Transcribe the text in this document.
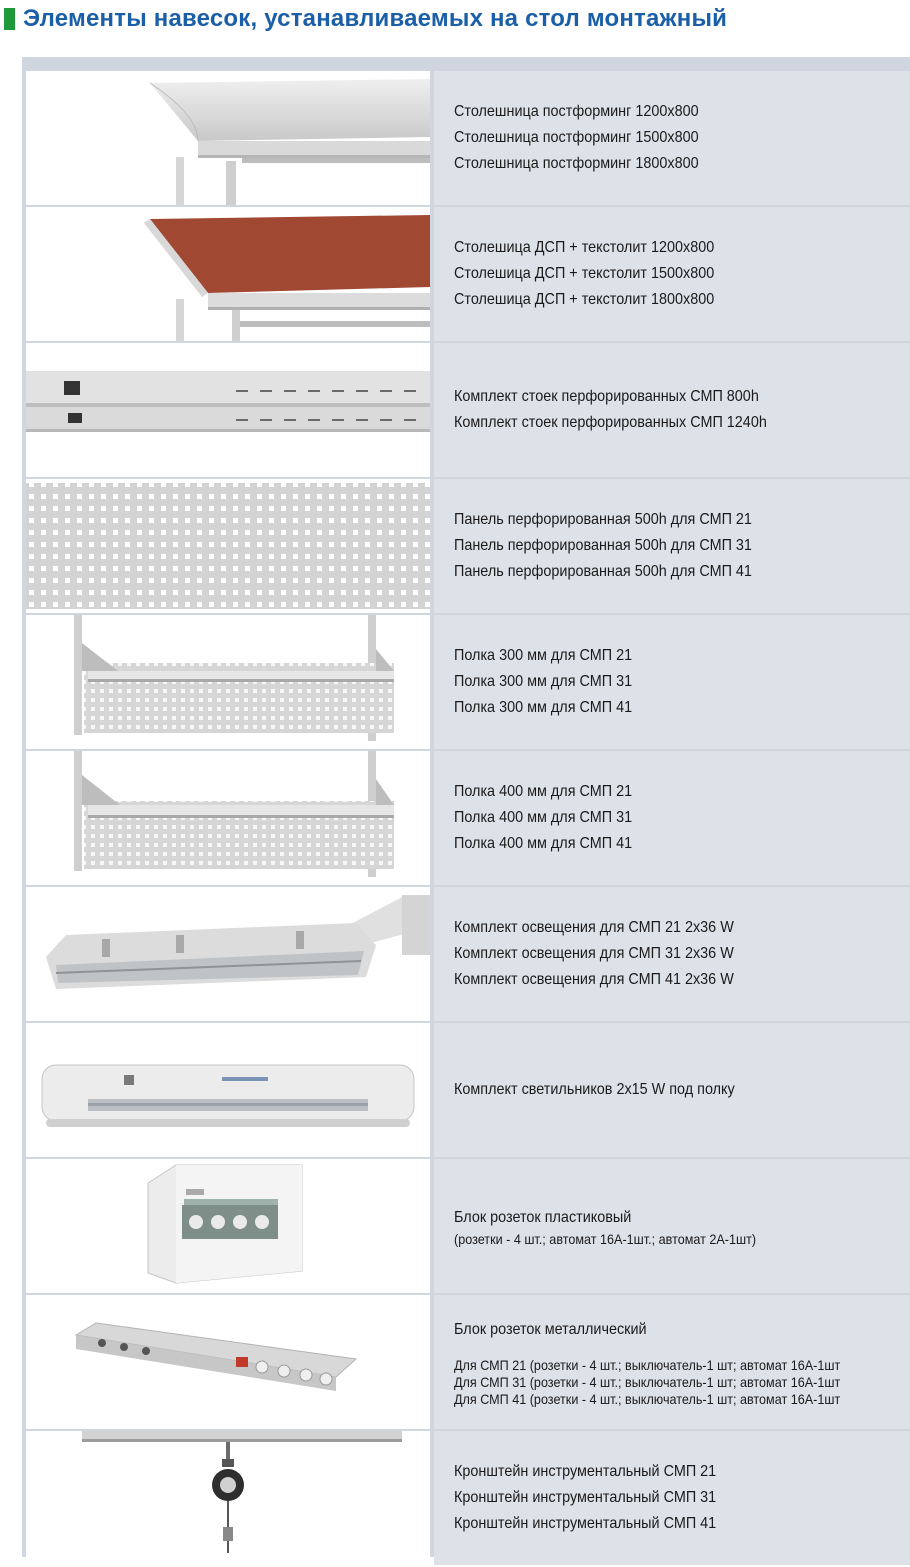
Элементы навесок, устанавливаемых на стол монтажный
Столешница постформинг 1200х800
Столешница постформинг 1500х800
Столешница постформинг 1800х800
Столешица ДСП + текстолит 1200х800
Столешица ДСП + текстолит 1500х800
Столешица ДСП + текстолит 1800х800
Комплект стоек перфорированных СМП 800h
Комплект стоек перфорированных СМП 1240h
Панель перфорированная 500h для СМП 21
Панель перфорированная 500h для СМП 31
Панель перфорированная 500h для СМП 41
Полка 300 мм для СМП 21
Полка 300 мм для СМП 31
Полка 300 мм для СМП 41
Полка 400 мм для СМП 21
Полка 400 мм для СМП 31
Полка 400 мм для СМП 41
Комплект освещения для СМП 21 2х36 W
Комплект освещения для СМП 31 2х36 W
Комплект освещения для СМП 41 2х36 W
Комплект светильников 2х15 W под полку
Блок розеток пластиковый
(розетки - 4 шт.; автомат 16А-1шт.; автомат 2А-1шт)
Блок розеток металлический
Для СМП 21 (розетки - 4 шт.; выключатель-1 шт; автомат 16А-1шт
Для СМП 31 (розетки - 4 шт.; выключатель-1 шт; автомат 16А-1шт
Для СМП 41 (розетки - 4 шт.; выключатель-1 шт; автомат 16А-1шт
Кронштейн инструментальный СМП 21
Кронштейн инструментальный СМП 31
Кронштейн инструментальный СМП 41
